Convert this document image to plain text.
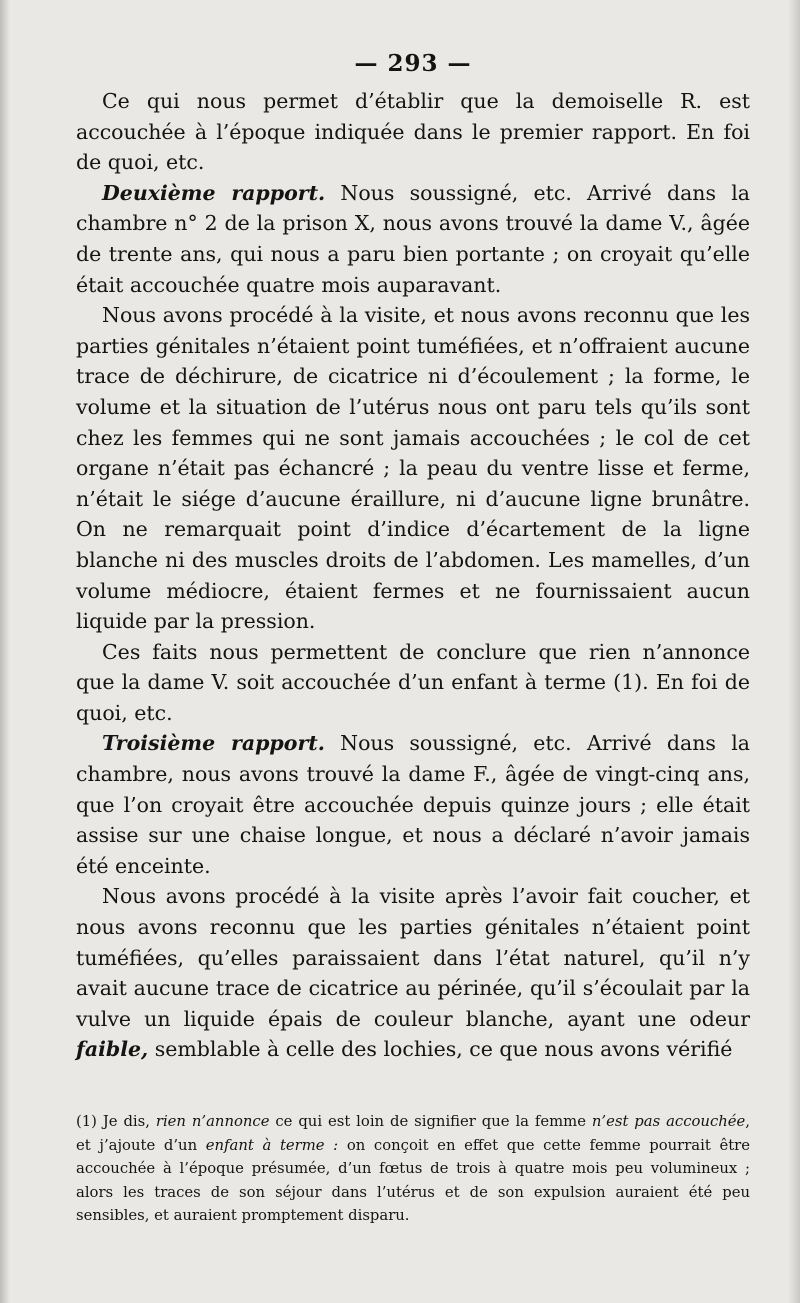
— 293 —

Ce qui nous permet d’établir que la demoiselle R. est accouchée à l’époque indiquée dans le premier rapport. En foi de quoi, etc.

Deuxième rapport. Nous soussigné, etc. Arrivé dans la chambre n° 2 de la prison X, nous avons trouvé la dame V., âgée de trente ans, qui nous a paru bien portante ; on croyait qu’elle était accouchée quatre mois auparavant.

Nous avons procédé à la visite, et nous avons reconnu que les parties génitales n’étaient point tuméfiées, et n’offraient aucune trace de déchirure, de cicatrice ni d’écoulement ; la forme, le volume et la situation de l’utérus nous ont paru tels qu’ils sont chez les femmes qui ne sont jamais accouchées ; le col de cet organe n’était pas échancré ; la peau du ventre lisse et ferme, n’était le siége d’aucune éraillure, ni d’aucune ligne brunâtre. On ne remarquait point d’indice d’écartement de la ligne blanche ni des muscles droits de l’abdomen. Les mamelles, d’un volume médiocre, étaient fermes et ne fournissaient aucun liquide par la pression.

Ces faits nous permettent de conclure que rien n’annonce que la dame V. soit accouchée d’un enfant à terme (1). En foi de quoi, etc.

Troisième rapport. Nous soussigné, etc. Arrivé dans la chambre, nous avons trouvé la dame F., âgée de vingt-cinq ans, que l’on croyait être accouchée depuis quinze jours ; elle était assise sur une chaise longue, et nous a déclaré n’avoir jamais été enceinte.

Nous avons procédé à la visite après l’avoir fait coucher, et nous avons reconnu que les parties génitales n’étaient point tuméfiées, qu’elles paraissaient dans l’état naturel, qu’il n’y avait aucune trace de cicatrice au périnée, qu’il s’écoulait par la vulve un liquide épais de couleur blanche, ayant une odeur faible, semblable à celle des lochies, ce que nous avons vérifié

(1) Je dis, rien n’annonce ce qui est loin de signifier que la femme n’est pas accouchée, et j’ajoute d’un enfant à terme : on conçoit en effet que cette femme pourrait être accouchée à l’époque présumée, d’un fœtus de trois à quatre mois peu volumineux ; alors les traces de son séjour dans l’utérus et de son expulsion auraient été peu sensibles, et auraient promptement disparu.
